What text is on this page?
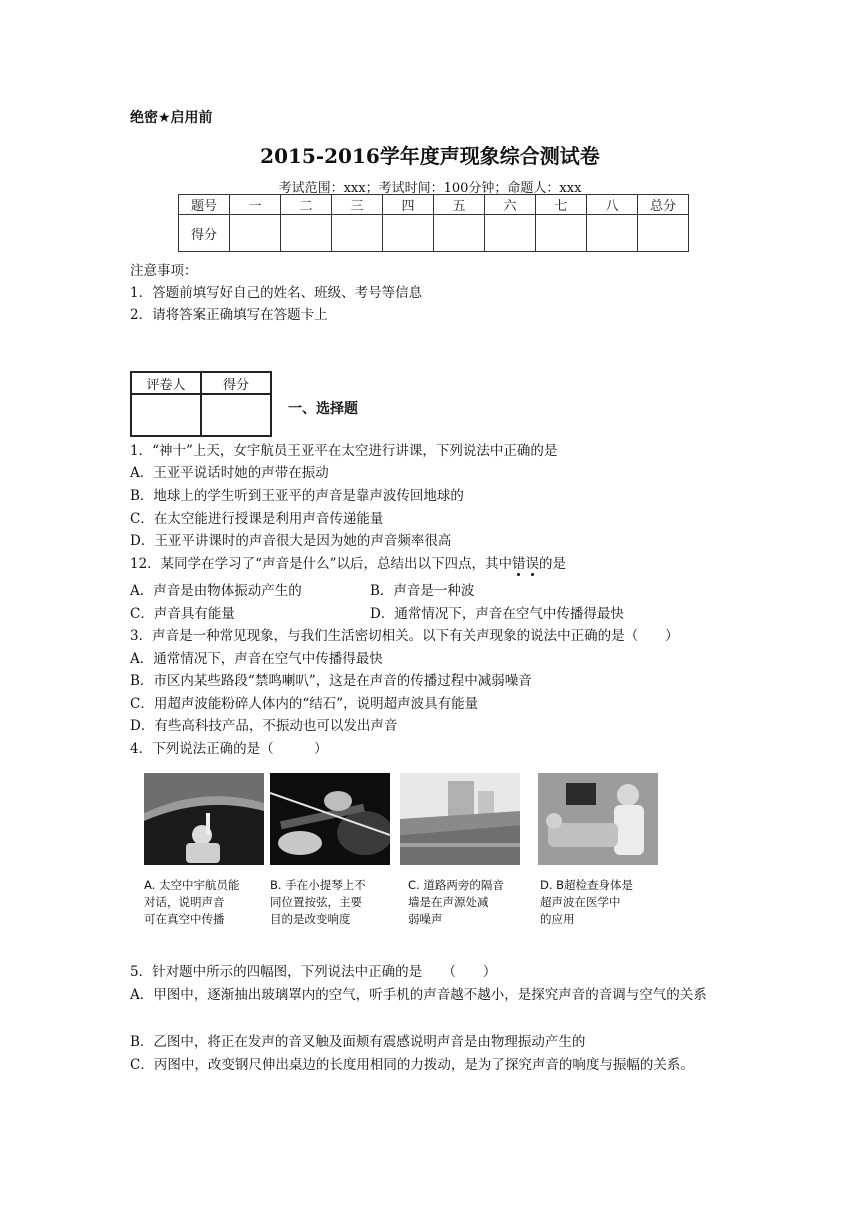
绝密★启用前
2015-2016学年度声现象综合测试卷
考试范围：xxx；考试时间：100分钟；命题人：xxx
题号	一	二	三	四	五	六	七	八	总分
得分									
注意事项：
1．答题前填写好自己的姓名、班级、考号等信息
2．请将答案正确填写在答题卡上
评卷人	得分

一、选择题
1．“神十”上天，女宇航员王亚平在太空进行讲课，下列说法中正确的是
A．王亚平说话时她的声带在振动
B．地球上的学生听到王亚平的声音是靠声波传回地球的
C．在太空能进行授课是利用声音传递能量
D．王亚平讲课时的声音很大是因为她的声音频率很高
12．某同学在学习了“声音是什么”以后，总结出以下四点，其中错误的是
A．声音是由物体振动产生的	B．声音是一种波
C．声音具有能量	D．通常情况下，声音在空气中传播得最快
3．声音是一种常见现象，与我们生活密切相关。以下有关声现象的说法中正确的是（　　）
A．通常情况下，声音在空气中传播得最快
B．市区内某些路段“禁鸣喇叭”，这是在声音的传播过程中减弱噪音
C．用超声波能粉碎人体内的“结石”，说明超声波具有能量
D．有些高科技产品，不振动也可以发出声音
4．下列说法正确的是（　　　）
A. 太空中宇航员能
对话，说明声音
可在真空中传播
B. 手在小提琴上不
同位置按弦，主要
目的是改变响度
C. 道路两旁的隔音
墙是在声源处减
弱噪声
D. B超检查身体是
超声波在医学中
的应用
5．针对题中所示的四幅图，下列说法中正确的是　　（　　）
A．甲图中，逐渐抽出玻璃罩内的空气，听手机的声音越不越小，是探究声音的音调与空气的关系
B．乙图中，将正在发声的音叉触及面颊有震感说明声音是由物理振动产生的
C．丙图中，改变钢尺伸出桌边的长度用相同的力拨动，是为了探究声音的响度与振幅的关系。
